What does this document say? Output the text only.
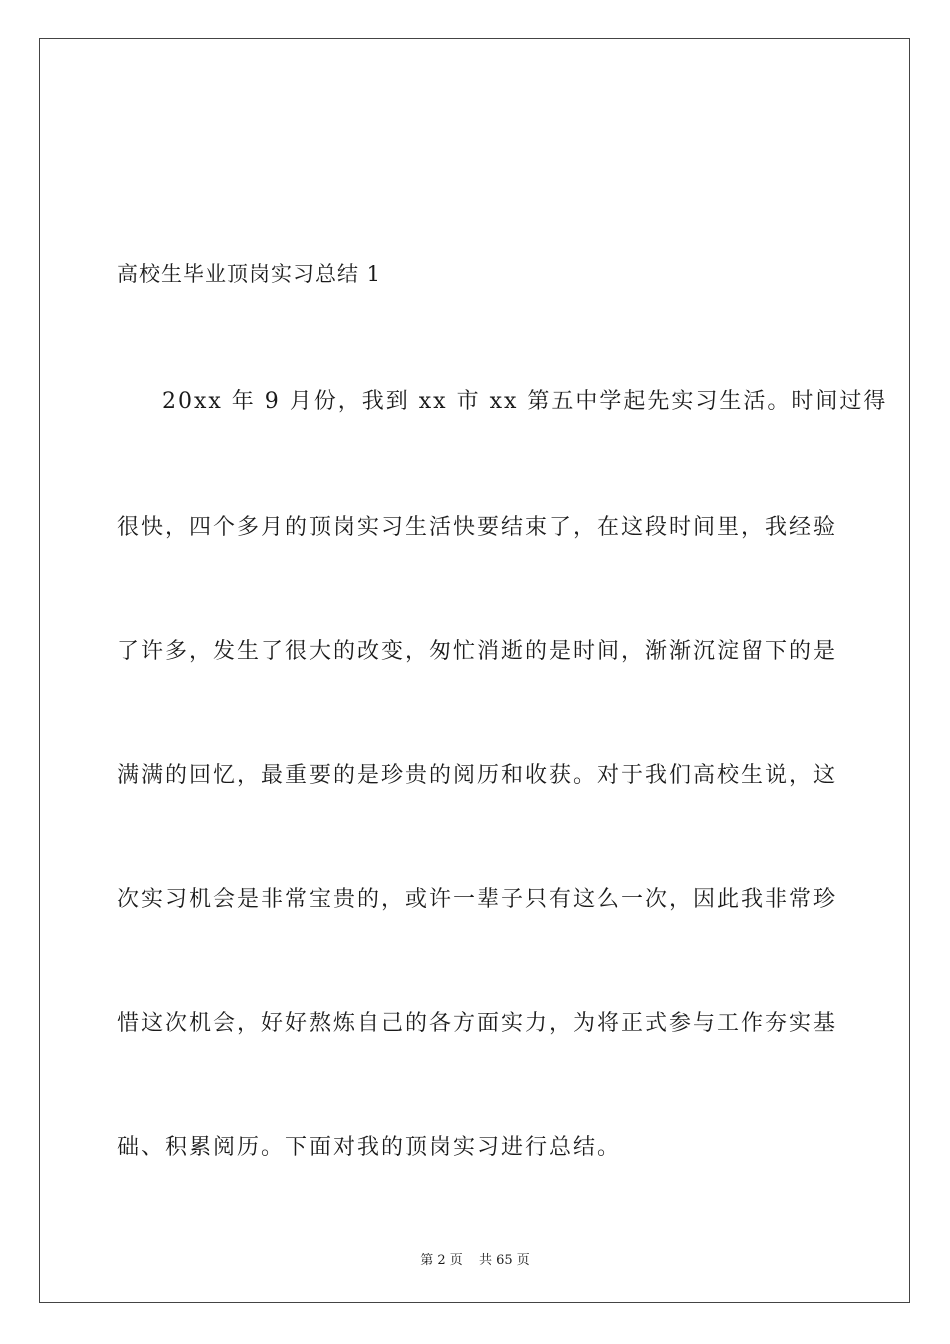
高校生毕业顶岗实习总结 1
20xx 年 9 月份，我到 xx 市 xx 第五中学起先实习生活。时间过得
很快，四个多月的顶岗实习生活快要结束了，在这段时间里，我经验
了许多，发生了很大的改变，匆忙消逝的是时间，渐渐沉淀留下的是
满满的回忆，最重要的是珍贵的阅历和收获。对于我们高校生说，这
次实习机会是非常宝贵的，或许一辈子只有这么一次，因此我非常珍
惜这次机会，好好熬炼自己的各方面实力，为将正式参与工作夯实基
础、积累阅历。下面对我的顶岗实习进行总结。
第 2 页 共 65 页
